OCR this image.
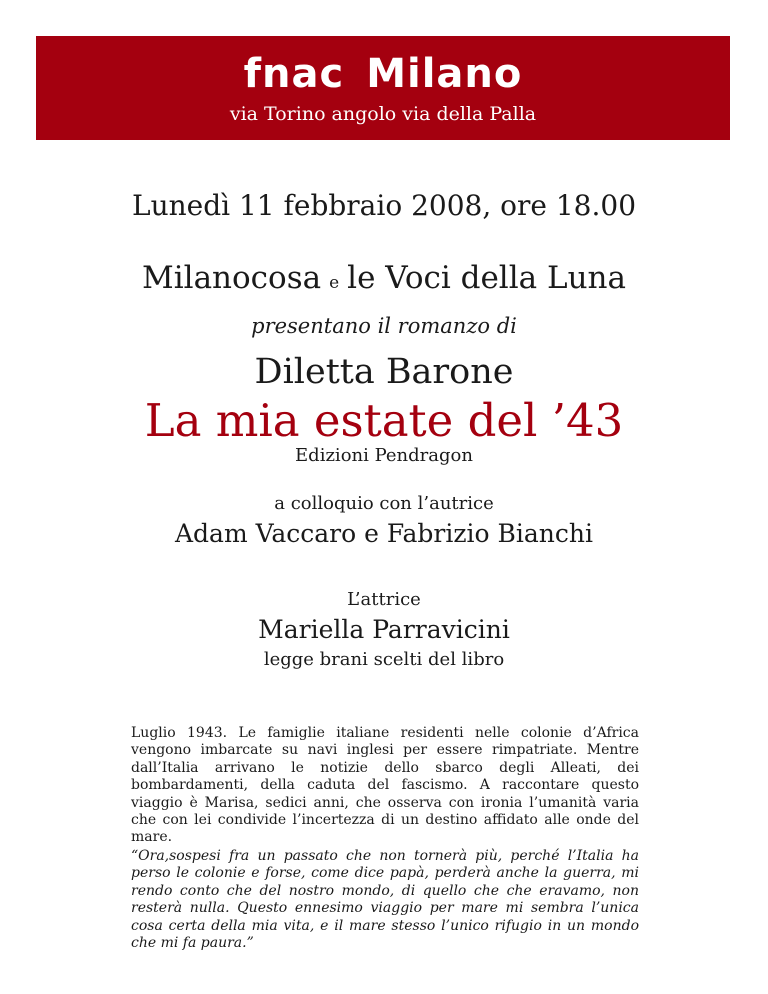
fnac Milano
via Torino angolo via della Palla
Lunedì 11 febbraio 2008, ore 18.00
Milanocosa e le Voci della Luna
presentano il romanzo di
Diletta Barone
La mia estate del ’43
Edizioni Pendragon
a colloquio con l’autrice
Adam Vaccaro e Fabrizio Bianchi
L’attrice
Mariella Parravicini
legge brani scelti del libro

Luglio 1943. Le famiglie italiane residenti nelle colonie d’Africa vengono imbarcate su navi inglesi per essere rimpatriate. Mentre dall’Italia arrivano le notizie dello sbarco degli Alleati, dei bombardamenti, della caduta del fascismo. A raccontare questo viaggio è Marisa, sedici anni, che osserva con ironia l’umanità varia che con lei condivide l’incertezza di un destino affidato alle onde del mare.

“Ora,sospesi fra un passato che non tornerà più, perché l’Italia ha perso le colonie e forse, come dice papà, perderà anche la guerra, mi rendo conto che del nostro mondo, di quello che che eravamo, non resterà nulla. Questo ennesimo viaggio per mare mi sembra l’unica cosa certa della mia vita, e il mare stesso l’unico rifugio in un mondo che mi fa paura.”
